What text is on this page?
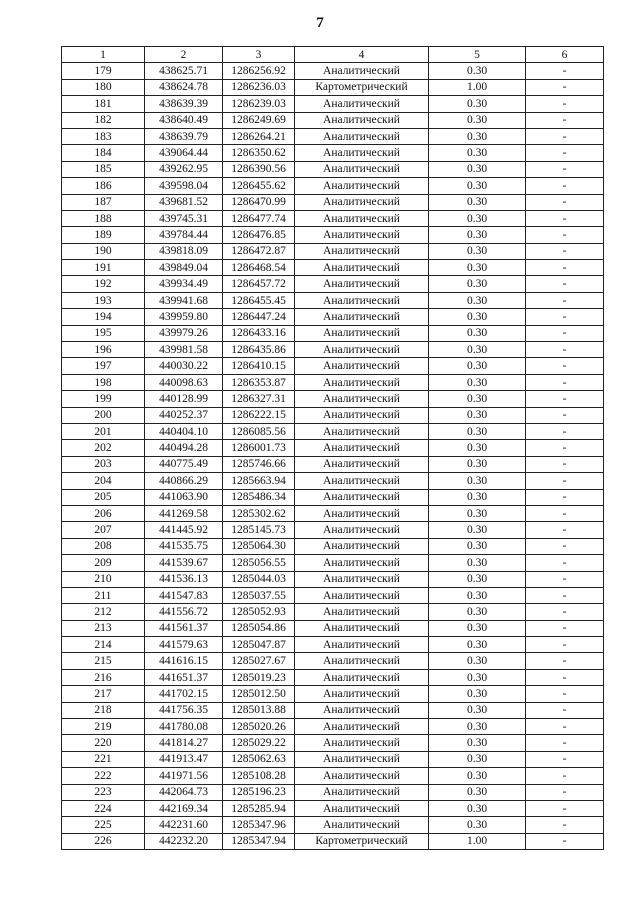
7
1	2	3	4	5	6
179	438625.71	1286256.92	Аналитический	0.30	-
180	438624.78	1286236.03	Картометрический	1.00	-
181	438639.39	1286239.03	Аналитический	0.30	-
182	438640.49	1286249.69	Аналитический	0.30	-
183	438639.79	1286264.21	Аналитический	0.30	-
184	439064.44	1286350.62	Аналитический	0.30	-
185	439262.95	1286390.56	Аналитический	0.30	-
186	439598.04	1286455.62	Аналитический	0.30	-
187	439681.52	1286470.99	Аналитический	0.30	-
188	439745.31	1286477.74	Аналитический	0.30	-
189	439784.44	1286476.85	Аналитический	0.30	-
190	439818.09	1286472.87	Аналитический	0.30	-
191	439849.04	1286468.54	Аналитический	0.30	-
192	439934.49	1286457.72	Аналитический	0.30	-
193	439941.68	1286455.45	Аналитический	0.30	-
194	439959.80	1286447.24	Аналитический	0.30	-
195	439979.26	1286433.16	Аналитический	0.30	-
196	439981.58	1286435.86	Аналитический	0.30	-
197	440030.22	1286410.15	Аналитический	0.30	-
198	440098.63	1286353.87	Аналитический	0.30	-
199	440128.99	1286327.31	Аналитический	0.30	-
200	440252.37	1286222.15	Аналитический	0.30	-
201	440404.10	1286085.56	Аналитический	0.30	-
202	440494.28	1286001.73	Аналитический	0.30	-
203	440775.49	1285746.66	Аналитический	0.30	-
204	440866.29	1285663.94	Аналитический	0.30	-
205	441063.90	1285486.34	Аналитический	0.30	-
206	441269.58	1285302.62	Аналитический	0.30	-
207	441445.92	1285145.73	Аналитический	0.30	-
208	441535.75	1285064.30	Аналитический	0.30	-
209	441539.67	1285056.55	Аналитический	0.30	-
210	441536.13	1285044.03	Аналитический	0.30	-
211	441547.83	1285037.55	Аналитический	0.30	-
212	441556.72	1285052.93	Аналитический	0.30	-
213	441561.37	1285054.86	Аналитический	0.30	-
214	441579.63	1285047.87	Аналитический	0.30	-
215	441616.15	1285027.67	Аналитический	0.30	-
216	441651.37	1285019.23	Аналитический	0.30	-
217	441702.15	1285012.50	Аналитический	0.30	-
218	441756.35	1285013.88	Аналитический	0.30	-
219	441780.08	1285020.26	Аналитический	0.30	-
220	441814.27	1285029.22	Аналитический	0.30	-
221	441913.47	1285062.63	Аналитический	0.30	-
222	441971.56	1285108.28	Аналитический	0.30	-
223	442064.73	1285196.23	Аналитический	0.30	-
224	442169.34	1285285.94	Аналитический	0.30	-
225	442231.60	1285347.96	Аналитический	0.30	-
226	442232.20	1285347.94	Картометрический	1.00	-
